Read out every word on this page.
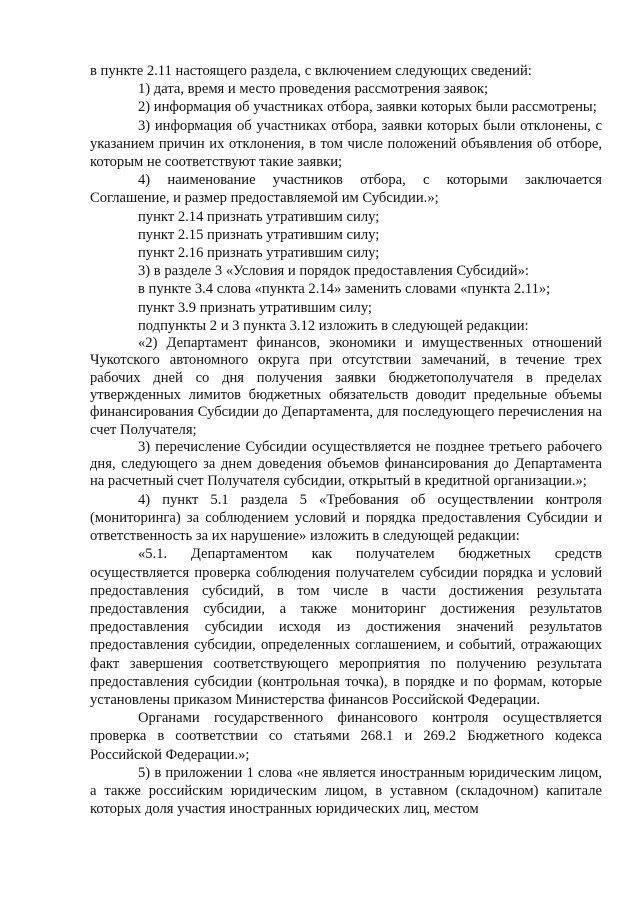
в пункте 2.11 настоящего раздела, с включением следующих сведений:

1) дата, время и место проведения рассмотрения заявок;

2) информация об участниках отбора, заявки которых были рассмотрены;

3) информация об участниках отбора, заявки которых были отклонены, с указанием причин их отклонения, в том числе положений объявления об отборе, которым не соответствуют такие заявки;

4) наименование участников отбора, с которыми заключается Соглашение, и размер предоставляемой им Субсидии.»;

пункт 2.14 признать утратившим силу;

пункт 2.15 признать утратившим силу;

пункт 2.16 признать утратившим силу;

3) в разделе 3 «Условия и порядок предоставления Субсидий»:

в пункте 3.4 слова «пункта 2.14» заменить словами «пункта 2.11»;

пункт 3.9 признать утратившим силу;

подпункты 2 и 3 пункта 3.12 изложить в следующей редакции:

«2) Департамент финансов, экономики и имущественных отношений Чукотского автономного округа при отсутствии замечаний, в течение трех рабочих дней со дня получения заявки бюджетополучателя в пределах утвержденных лимитов бюджетных обязательств доводит предельные объемы финансирования Субсидии до Департамента, для последующего перечисления на счет Получателя;

3) перечисление Субсидии осуществляется не позднее третьего рабочего дня, следующего за днем доведения объемов финансирования до Департамента на расчетный счет Получателя субсидии, открытый в кредитной организации.»;

4) пункт 5.1 раздела 5 «Требования об осуществлении контроля (мониторинга) за соблюдением условий и порядка предоставления Субсидии и ответственность за их нарушение» изложить в следующей редакции:

«5.1. Департаментом как получателем бюджетных средств осуществляется проверка соблюдения получателем субсидии порядка и условий предоставления субсидий, в том числе в части достижения результата предоставления субсидии, а также мониторинг достижения результатов предоставления субсидии исходя из достижения значений результатов предоставления субсидии, определенных соглашением, и событий, отражающих факт завершения соответствующего мероприятия по получению результата предоставления субсидии (контрольная точка), в порядке и по формам, которые установлены приказом Министерства финансов Российской Федерации.

Органами государственного финансового контроля осуществляется проверка в соответствии со статьями 268.1 и 269.2 Бюджетного кодекса Российской Федерации.»;

5) в приложении 1 слова «не является иностранным юридическим лицом, а также российским юридическим лицом, в уставном (складочном) капитале которых доля участия иностранных юридических лиц, местом
